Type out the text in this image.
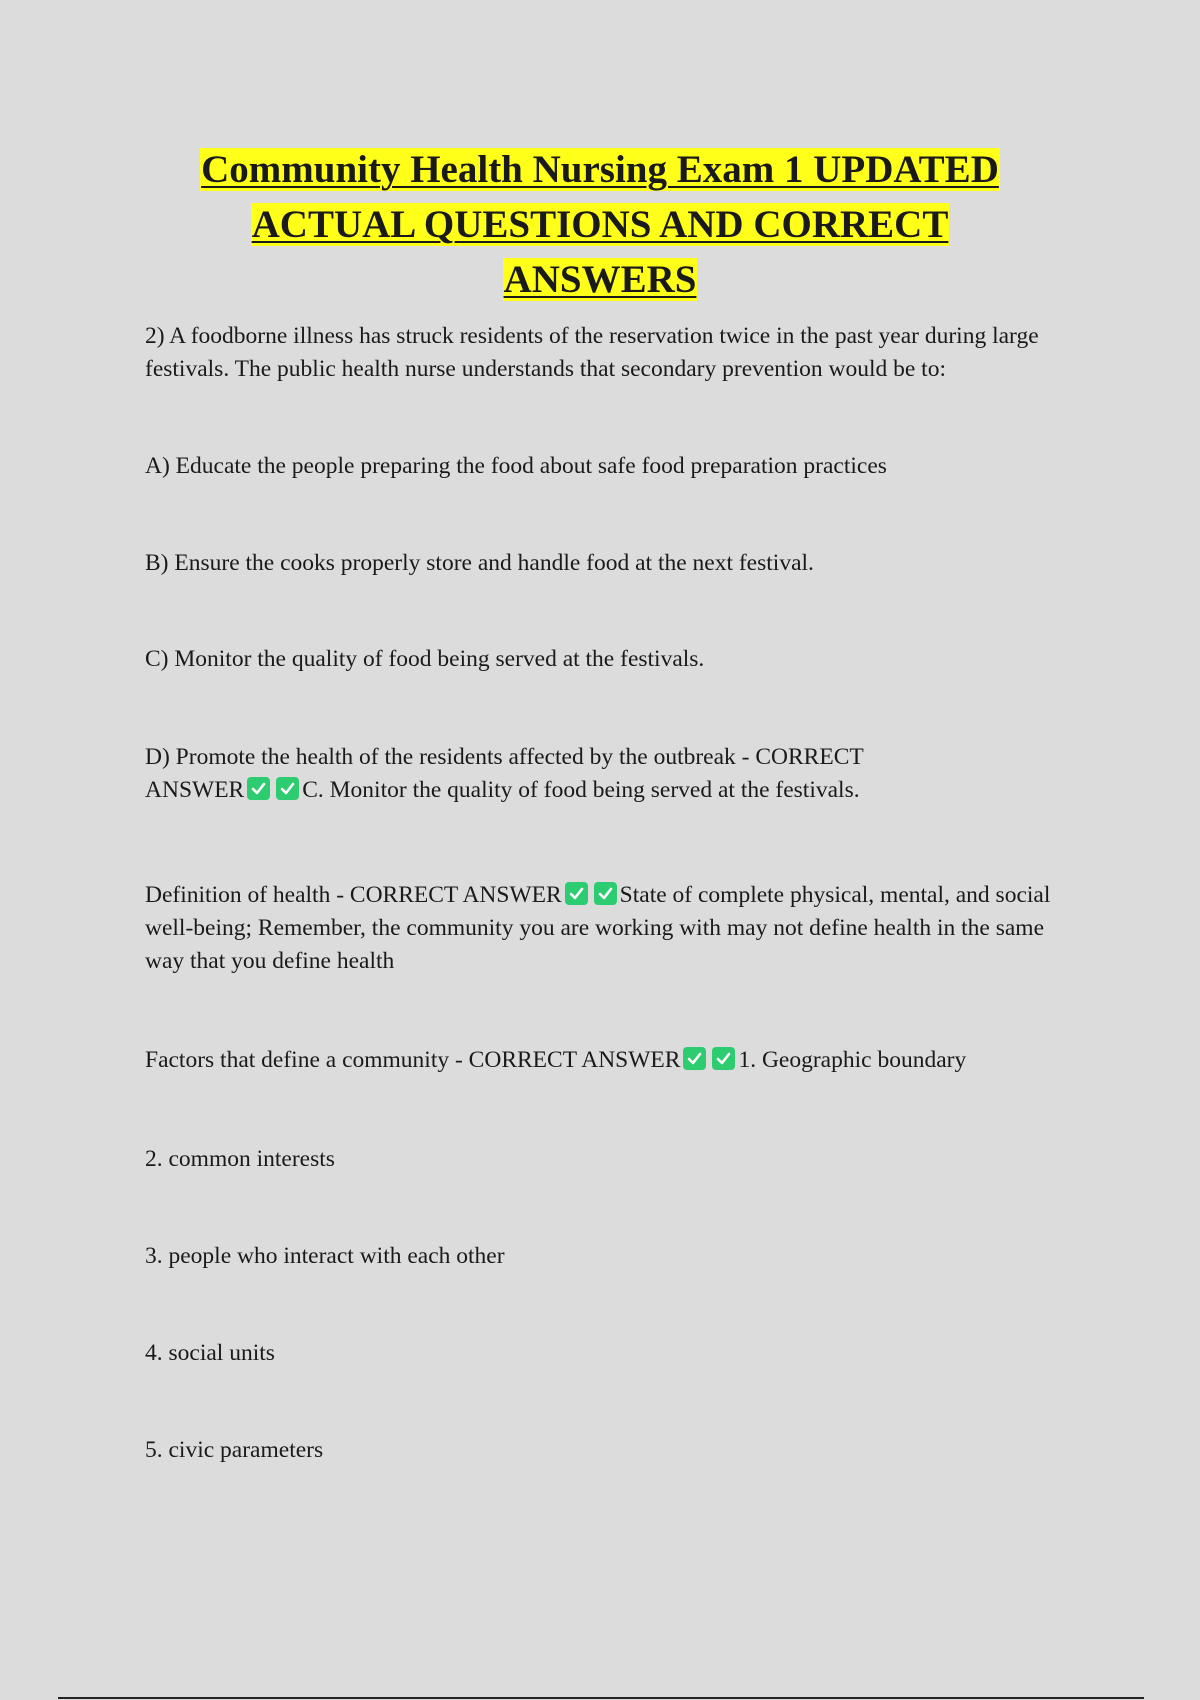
Community Health Nursing Exam 1 UPDATED
ACTUAL QUESTIONS AND CORRECT
ANSWERS

2) A foodborne illness has struck residents of the reservation twice in the past year during large festivals. The public health nurse understands that secondary prevention would be to:

A) Educate the people preparing the food about safe food preparation practices

B) Ensure the cooks properly store and handle food at the next festival.

C) Monitor the quality of food being served at the festivals.

D) Promote the health of the residents affected by the outbreak - CORRECT ANSWER C. Monitor the quality of food being served at the festivals.

Definition of health - CORRECT ANSWER State of complete physical, mental, and social well-being; Remember, the community you are working with may not define health in the same way that you define health

Factors that define a community - CORRECT ANSWER 1. Geographic boundary

2. common interests

3. people who interact with each other

4. social units

5. civic parameters
